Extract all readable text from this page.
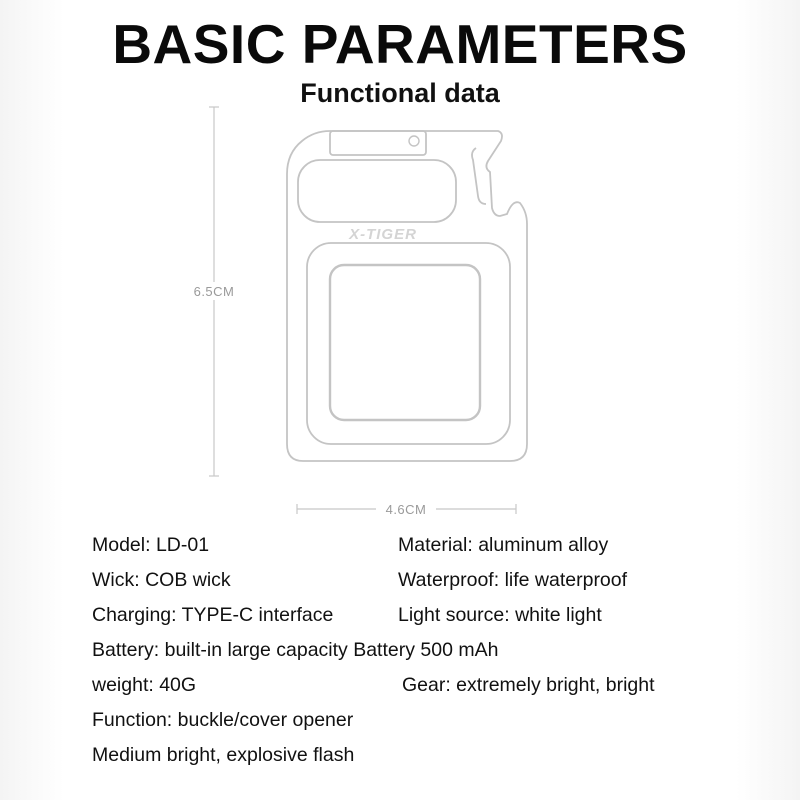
BASIC PARAMETERS
Functional data
6.5CM
4.6CM
X-TIGER
Model: LD-01	Material: aluminum alloy
Wick: COB wick	Waterproof: life waterproof
Charging: TYPE-C interface	Light source: white light
Battery: built-in large capacity Battery 500 mAh
weight: 40G	Gear: extremely bright, bright
Function: buckle/cover opener
Medium bright, explosive flash
